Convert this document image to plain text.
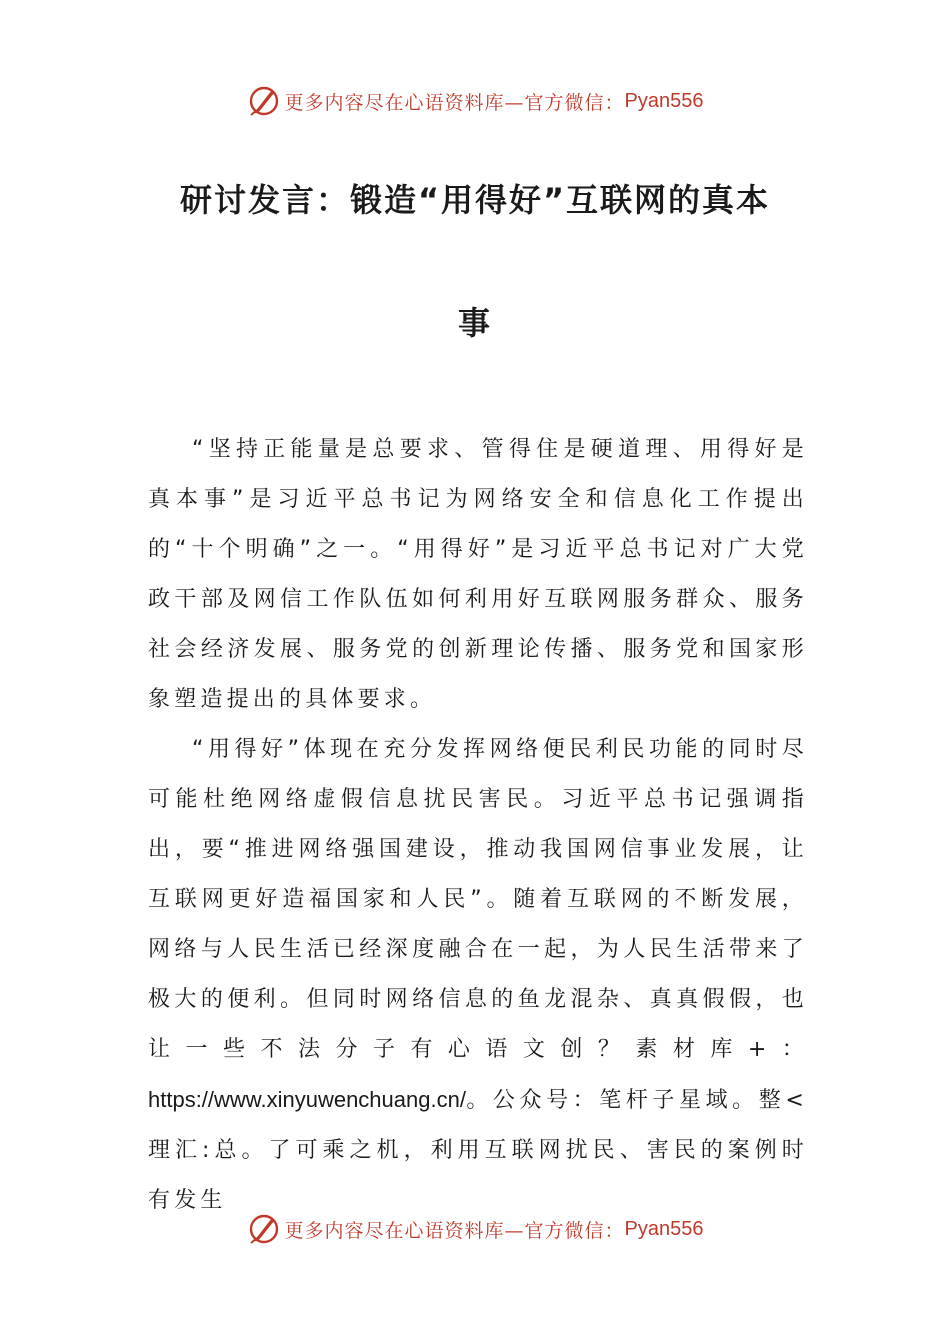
更多内容尽在心语资料库— 官方微信： Pyan556
研讨发言：锻造“用得好”互联网的真本
事

“坚持正能量是总要求、管得住是硬道理、用得好是真本事”是习近平总书记为网络安全和信息化工作提出的“十个明确”之一。“用得好”是习近平总书记对广大党政干部及网信工作队伍如何利用好互联网服务群众、服务社会经济发展、服务党的创新理论传播、服务党和国家形象塑造提出的具体要求。

“用得好”体现在充分发挥网络便民利民功能的同时尽可能杜绝网络虚假信息扰民害民。习近平总书记强调指出，要“推进网络强国建设，推动我国网信事业发展，让互联网更好造福国家和人民”。随着互联网的不断发展，网络与人民生活已经深度融合在一起，为人民生活带来了极大的便利。但同时网络信息的鱼龙混杂、真真假假，也让一些不法分子有心语文创？素材库+：https://www.xinyuwenchuang.cn/。公众号：笔杆子星域。整<理汇:总。了可乘之机，利用互联网扰民、害民的案例时有发生

更多内容尽在心语资料库— 官方微信： Pyan556
